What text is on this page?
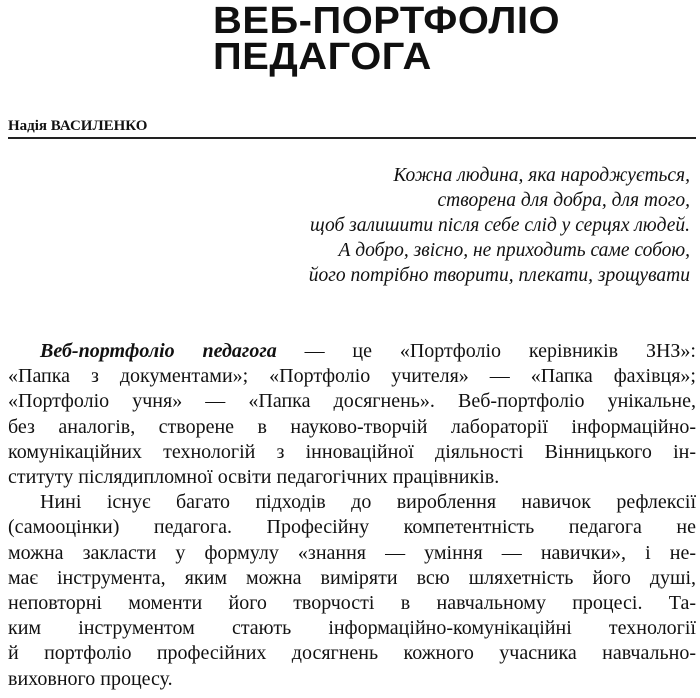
ВЕБ-ПОРТФОЛІО
ПЕДАГОГА
Надія ВАСИЛЕНКО
Кожна людина, яка народжується,
створена для добра, для того,
щоб залишити після себе слід у серцях людей.
А добро, звісно, не приходить саме собою,
його потрібно творити, плекати, зрощувати
Веб-портфоліо педагога — це «Портфоліо керівників ЗНЗ»:
«Папка з документами»; «Портфоліо учителя» — «Папка фахівця»;
«Портфоліо учня» — «Папка досягнень». Веб-портфоліо унікальне,
без аналогів, створене в науково-творчій лабораторії інформаційно-
комунікаційних технологій з інноваційної діяльності Вінницького ін-
ституту післядипломної освіти педагогічних працівників.
Нині існує багато підходів до вироблення навичок рефлексії
(самооцінки) педагога. Професійну компетентність педагога не
можна закласти у формулу «знання — уміння — навички», і не-
має інструмента, яким можна виміряти всю шляхетність його душі,
неповторні моменти його творчості в навчальному процесі. Та-
ким інструментом стають інформаційно-комунікаційні технології
й портфоліо професійних досягнень кожного учасника навчально-
виховного процесу.
